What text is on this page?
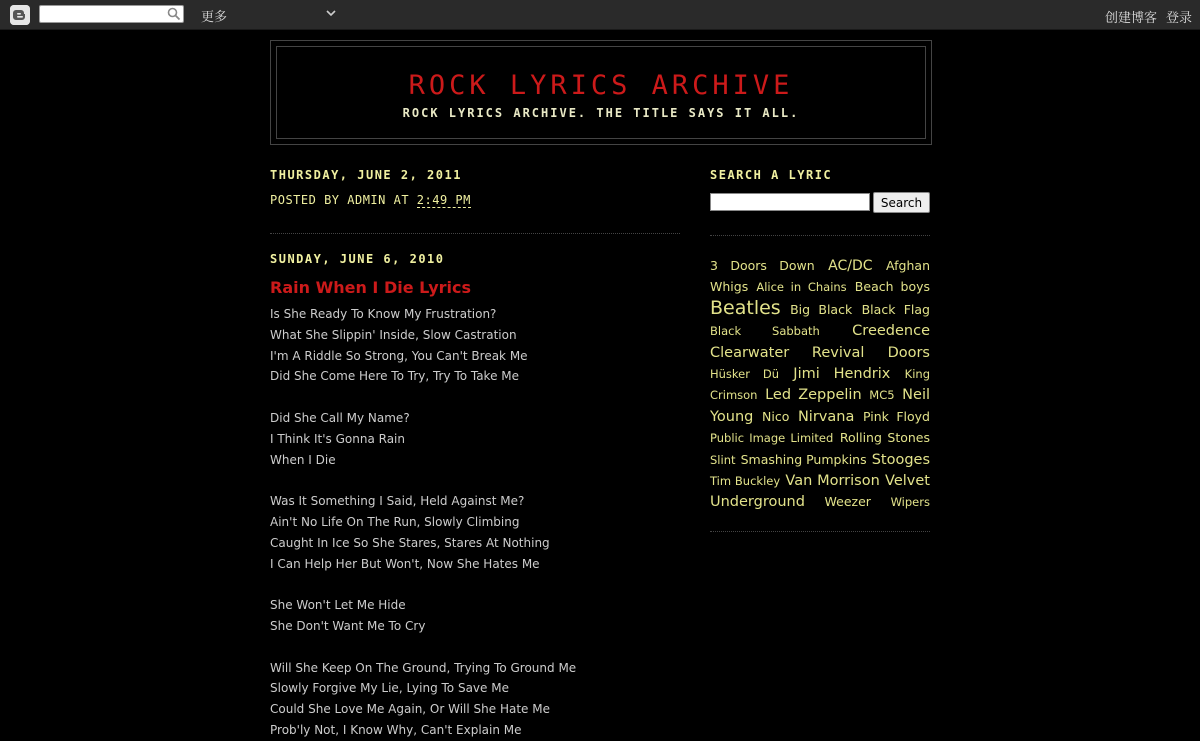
更多	创建博客 登录
ROCK LYRICS ARCHIVE
ROCK LYRICS ARCHIVE. THE TITLE SAYS IT ALL.
THURSDAY, JUNE 2, 2011
POSTED BY ADMIN AT 2:49 PM
SUNDAY, JUNE 6, 2010
Rain When I Die Lyrics
Is She Ready To Know My Frustration?
What She Slippin' Inside, Slow Castration
I'm A Riddle So Strong, You Can't Break Me
Did She Come Here To Try, Try To Take Me
Did She Call My Name?
I Think It's Gonna Rain
When I Die
Was It Something I Said, Held Against Me?
Ain't No Life On The Run, Slowly Climbing
Caught In Ice So She Stares, Stares At Nothing
I Can Help Her But Won't, Now She Hates Me
She Won't Let Me Hide
She Don't Want Me To Cry
Will She Keep On The Ground, Trying To Ground Me
Slowly Forgive My Lie, Lying To Save Me
Could She Love Me Again, Or Will She Hate Me
Prob'ly Not, I Know Why, Can't Explain Me
SEARCH A LYRIC
Search
3 Doors Down AC/DC Afghan Whigs Alice in Chains Beach boys Beatles Big Black Black Flag Black Sabbath Creedence Clearwater Revival Doors Hüsker Dü Jimi Hendrix King Crimson Led Zeppelin MC5 Neil Young Nico Nirvana Pink Floyd Public Image Limited Rolling Stones Slint Smashing Pumpkins Stooges Tim Buckley Van Morrison Velvet Underground Weezer Wipers
